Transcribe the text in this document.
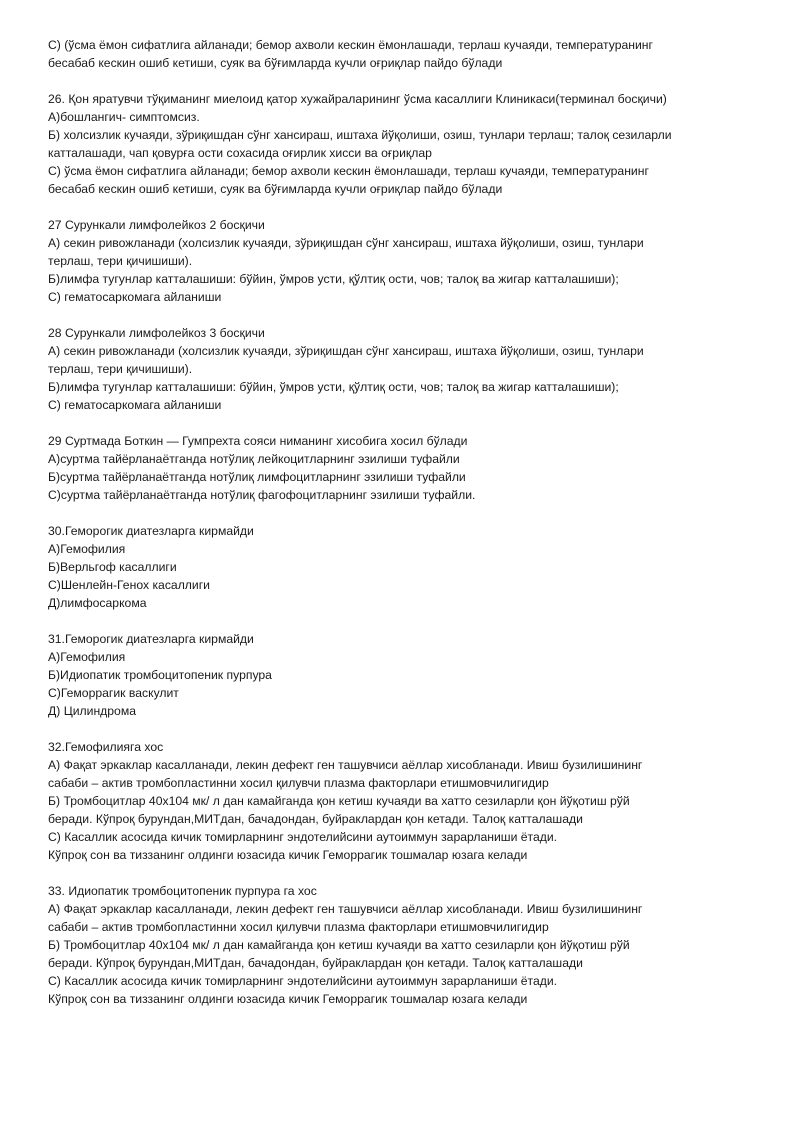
С) (ўсма ёмон сифатлига айланади; бемор ахволи кескин ёмонлашади, терлаш кучаяди, температуранинг

бесабаб кескин ошиб кетиши, суяк ва бўғимларда кучли оғриқлар пайдо бўлади

26. Қон яратувчи тўқиманинг миелоид қатор хужайраларининг ўсма касаллиги Клиникаси(терминал босқичи)

А)бошлангич- симптомсиз.

Б) холсизлик кучаяди, зўриқишдан сўнг хансираш, иштаха йўқолиши, озиш, тунлари терлаш; талоқ сезиларли

катталашади, чап қовурға ости сохасида оғирлик хисси ва оғриқлар

С) ўсма ёмон сифатлига айланади; бемор ахволи кескин ёмонлашади, терлаш кучаяди, температуранинг

бесабаб кескин ошиб кетиши, суяк ва бўғимларда кучли оғриқлар пайдо бўлади

27 Сурункали лимфолейкоз 2 босқичи

А) секин ривожланади (холсизлик кучаяди, зўриқишдан сўнг хансираш, иштаха йўқолиши, озиш, тунлари

терлаш, тери қичишиши).

Б)лимфа тугунлар катталашиши: бўйин, ўмров усти, қўлтиқ ости, чов; талоқ ва жигар катталашиши);

С) гематосаркомага айланиши

28 Сурункали лимфолейкоз 3 босқичи

А) секин ривожланади (холсизлик кучаяди, зўриқишдан сўнг хансираш, иштаха йўқолиши, озиш, тунлари

терлаш, тери қичишиши).

Б)лимфа тугунлар катталашиши: бўйин, ўмров усти, қўлтиқ ости, чов; талоқ ва жигар катталашиши);

С) гематосаркомага айланиши

29 Суртмада Боткин — Гумпрехта сояси ниманинг хисобига хосил бўлади

А)суртма тайёрланаётганда нотўлиқ лейкоцитларнинг эзилиши туфайли

Б)суртма тайёрланаётганда нотўлиқ лимфоцитларнинг эзилиши туфайли

С)суртма тайёрланаётганда нотўлиқ фагофоцитларнинг эзилиши туфайли.

30.Геморогик диатезларга кирмайди

А)Гемофилия

Б)Верльгоф касаллиги

С)Шенлейн-Генох касаллиги

Д)лимфосаркома

31.Геморогик диатезларга кирмайди

А)Гемофилия

Б)Идиопатик тромбоцитопеник пурпура

С)Геморрагик васкулит

Д) Цилиндрома

32.Гемофилияга хос

А) Фақат эркаклар касалланади, лекин дефект ген ташувчиси аёллар хисобланади. Ивиш бузилишининг

сабаби – актив тромбопластинни хосил қилувчи плазма факторлари етишмовчилигидир

Б) Тромбоцитлар 40x104 мк/ л дан камайганда қон кетиш кучаяди ва хатто сезиларли қон йўқотиш рўй

беради. Кўпроқ бурундан,МИТдан, бачадондан, буйраклардан қон кетади. Талоқ катталашади

С) Касаллик асосида кичик томирларнинг эндотелийсини аутоиммун зарарланиши ётади.

Кўпроқ сон ва тиззанинг олдинги юзасида кичик Геморрагик тошмалар юзага келади

33. Идиопатик тромбоцитопеник пурпура га хос

А) Фақат эркаклар касалланади, лекин дефект ген ташувчиси аёллар хисобланади. Ивиш бузилишининг

сабаби – актив тромбопластинни хосил қилувчи плазма факторлари етишмовчилигидир

Б) Тромбоцитлар 40x104 мк/ л дан камайганда қон кетиш кучаяди ва хатто сезиларли қон йўқотиш рўй

беради. Кўпроқ бурундан,МИТдан, бачадондан, буйраклардан қон кетади. Талоқ катталашади

С) Касаллик асосида кичик томирларнинг эндотелийсини аутоиммун зарарланиши ётади.

Кўпроқ сон ва тиззанинг олдинги юзасида кичик Геморрагик тошмалар юзага келади
